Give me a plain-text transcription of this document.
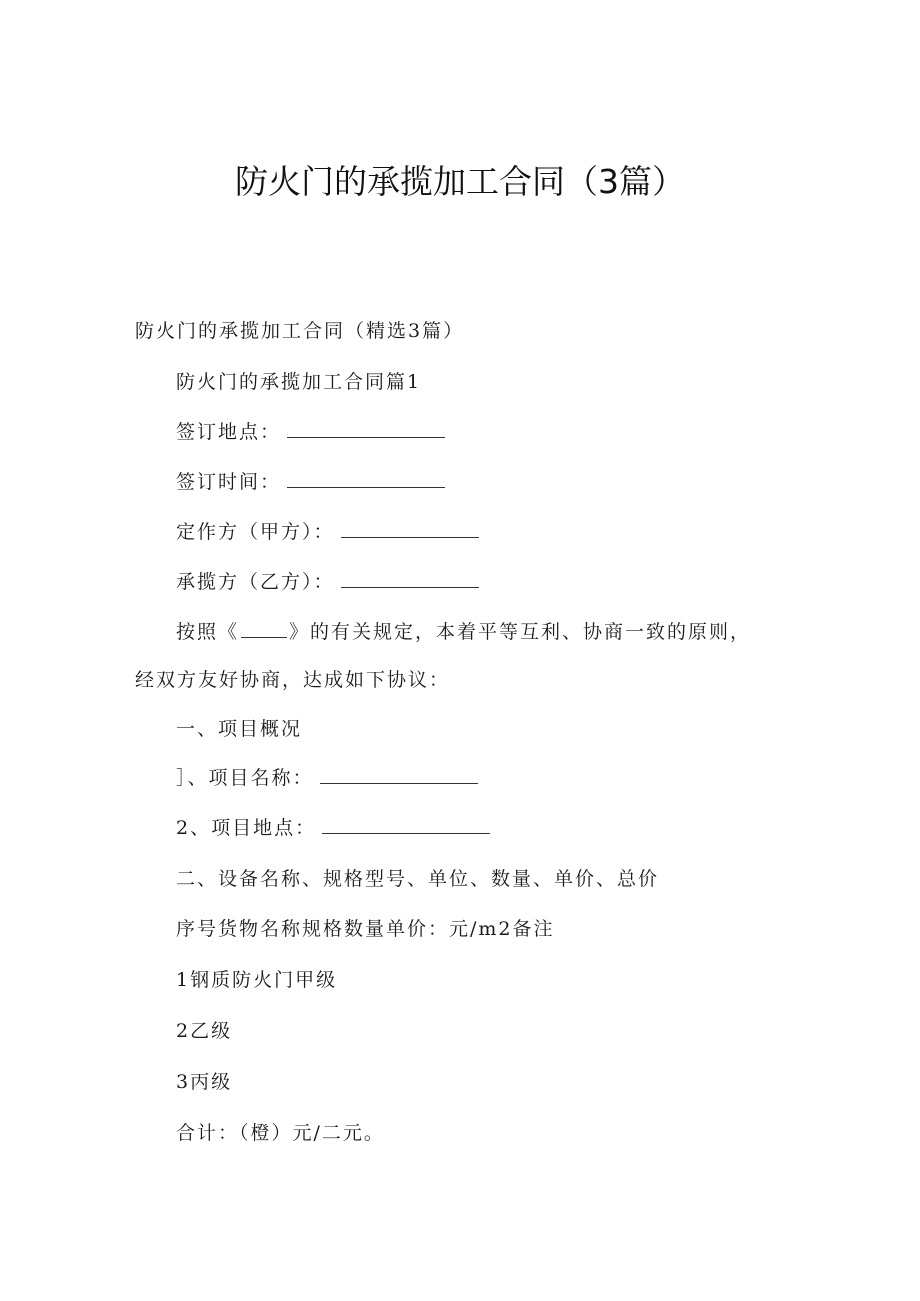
防火门的承揽加工合同（3篇）
防火门的承揽加工合同（精选3篇）
防火门的承揽加工合同篇1
签订地点：
签订时间：
定作方（甲方）：
承揽方（乙方）：
按照《	》的有关规定，本着平等互利、协商一致的原则，
经双方友好协商，达成如下协议：
一、项目概况
］、项目名称：
2、项目地点：
二、设备名称、规格型号、单位、数量、单价、总价
序号货物名称规格数量单价：元/m2备注
1钢质防火门甲级
2乙级
3丙级
合计：（橙）元/二元。
